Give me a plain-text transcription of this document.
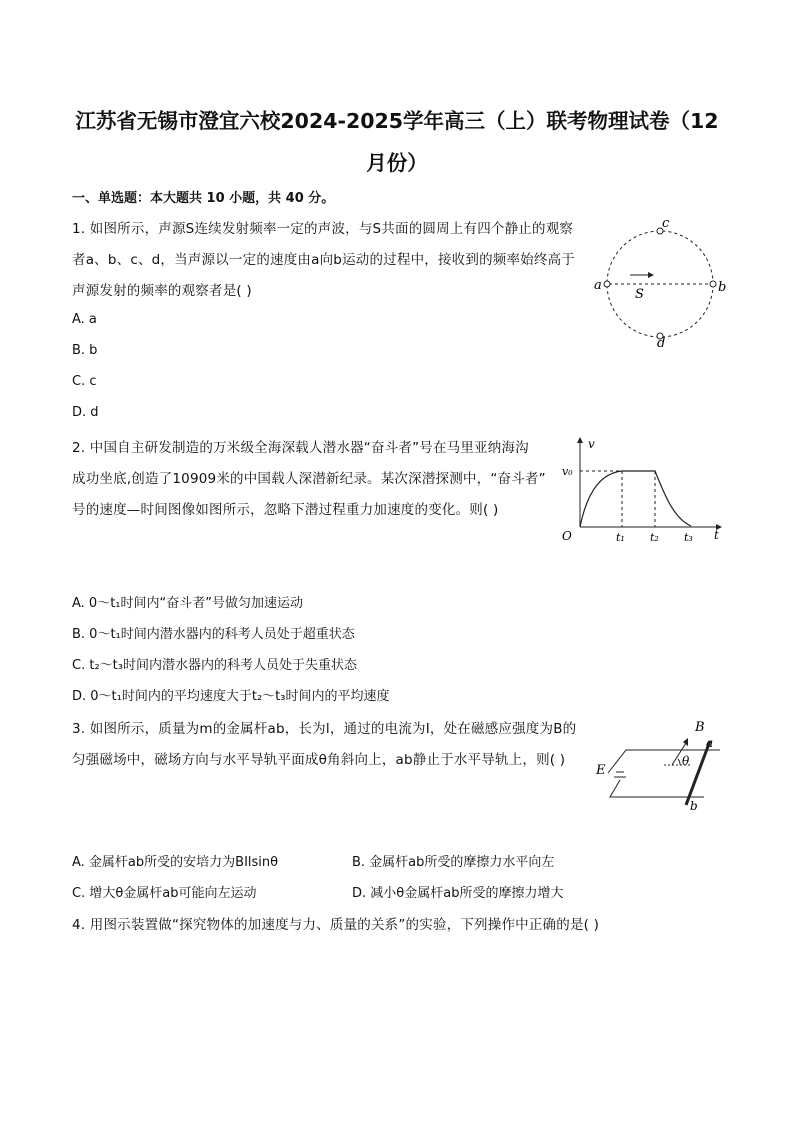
江苏省无锡市澄宜六校2024-2025学年高三（上）联考物理试卷（12
月份）
一、单选题：本大题共 10 小题，共 40 分。
1. 如图所示，声源S连续发射频率一定的声波，与S共面的圆周上有四个静止的观察
者a、b、c、d，当声源以一定的速度由a向b运动的过程中，接收到的频率始终高于
声源发射的频率的观察者是( )
A. a
B. b
C. c
D. d
a	b
c
d
S
2. 中国自主研发制造的万米级全海深载人潜水器“奋斗者”号在马里亚纳海沟
成功坐底,创造了10909米的中国载人深潜新纪录。某次深潜探测中，“奋斗者”
号的速度—时间图像如图所示，忽略下潜过程重力加速度的变化。则( )
A. 0～t₁时间内“奋斗者”号做匀加速运动
B. 0～t₁时间内潜水器内的科考人员处于超重状态
C. t₂～t₃时间内潜水器内的科考人员处于失重状态
D. 0～t₁时间内的平均速度大于t₂～t₃时间内的平均速度
v
t
O
v₀
t₁ t₂ t₃
3. 如图所示，质量为m的金属杆ab，长为l，通过的电流为I，处在磁感应强度为B的
匀强磁场中，磁场方向与水平导轨平面成θ角斜向上，ab静止于水平导轨上，则( )
A. 金属杆ab所受的安培力为BIlsinθ	B. 金属杆ab所受的摩擦力水平向左
C. 增大θ金属杆ab可能向左运动	D. 减小θ金属杆ab所受的摩擦力增大
B
E
θ
a
b
4. 用图示装置做“探究物体的加速度与力、质量的关系”的实验，下列操作中正确的是( )
